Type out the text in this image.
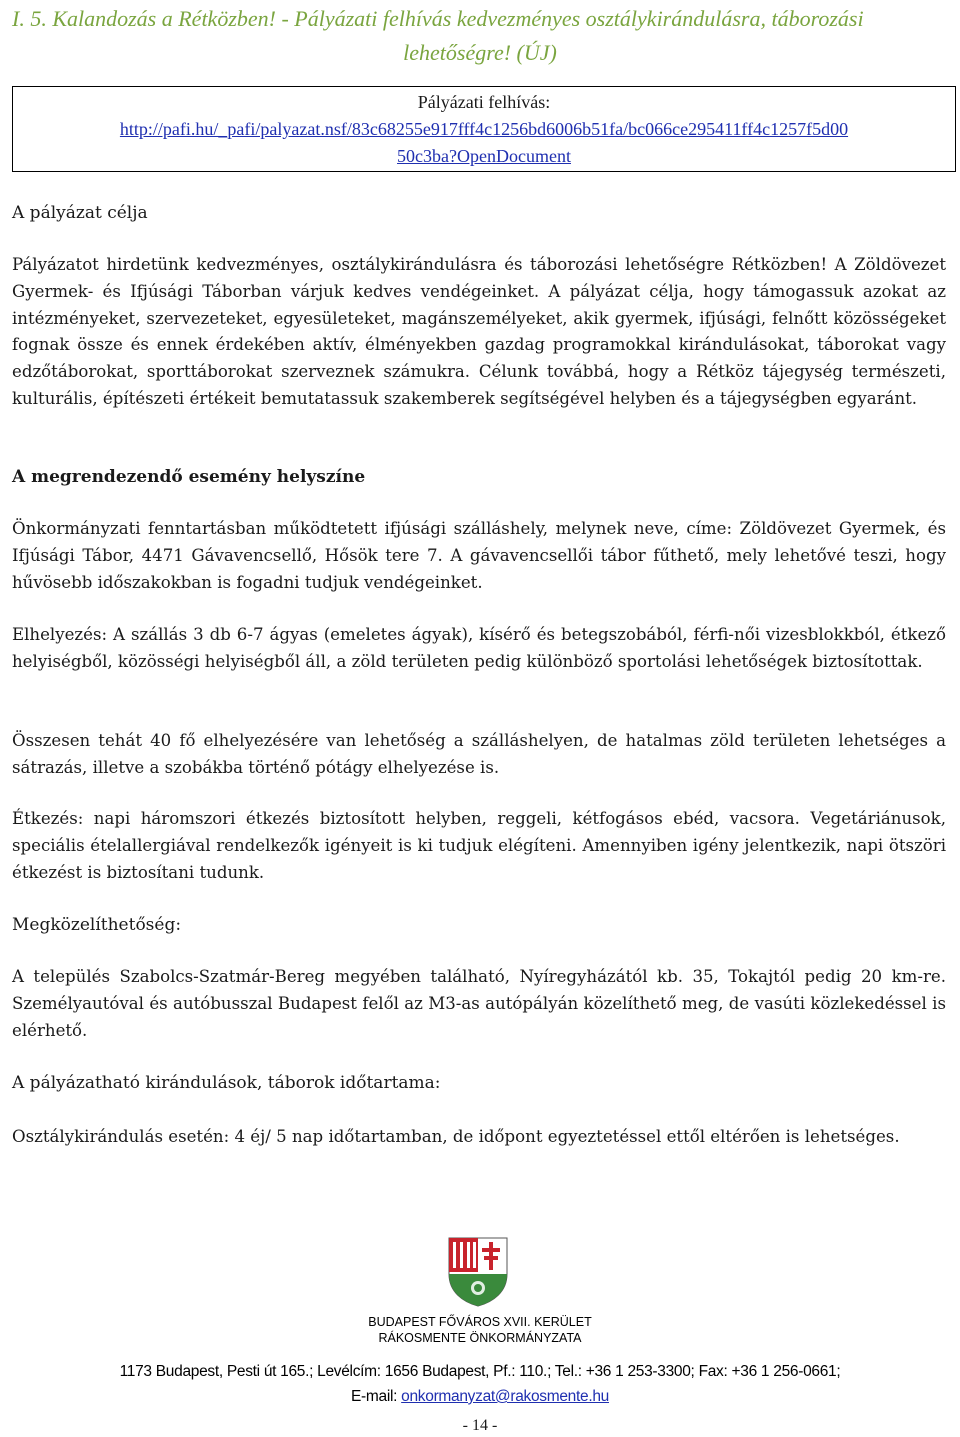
I. 5. Kalandozás a Rétközben! - Pályázati felhívás kedvezményes osztálykirándulásra, táborozási
lehetőségre! (ÚJ)
Pályázati felhívás:
http://pafi.hu/_pafi/palyazat.nsf/83c68255e917fff4c1256bd6006b51fa/bc066ce295411ff4c1257f5d00
50c3ba?OpenDocument
A pályázat célja

Pályázatot hirdetünk kedvezményes, osztálykirándulásra és táborozási lehetőségre Rétközben! A Zöldövezet Gyermek- és Ifjúsági Táborban várjuk kedves vendégeinket. A pályázat célja, hogy támogassuk azokat az intézményeket, szervezeteket, egyesületeket, magánszemélyeket, akik gyermek, ifjúsági, felnőtt közösségeket fognak össze és ennek érdekében aktív, élményekben gazdag programokkal kirándulásokat, táborokat vagy edzőtáborokat, sporttáborokat szerveznek számukra. Célunk továbbá, hogy a Rétköz tájegység természeti, kulturális, építészeti értékeit bemutatassuk szakemberek segítségével helyben és a tájegységben egyaránt.

A megrendezendő esemény helyszíne

Önkormányzati fenntartásban működtetett ifjúsági szálláshely, melynek neve, címe: Zöldövezet Gyermek, és Ifjúsági Tábor, 4471 Gávavencsellő, Hősök tere 7. A gávavencsellői tábor fűthető, mely lehetővé teszi, hogy hűvösebb időszakokban is fogadni tudjuk vendégeinket.

Elhelyezés: A szállás 3 db 6-7 ágyas (emeletes ágyak), kísérő és betegszobából, férfi-női vizesblokkból, étkező helyiségből, közösségi helyiségből áll, a zöld területen pedig különböző sportolási lehetőségek biztosítottak.

Összesen tehát 40 fő elhelyezésére van lehetőség a szálláshelyen, de hatalmas zöld területen lehetséges a sátrazás, illetve a szobákba történő pótágy elhelyezése is.

Étkezés: napi háromszori étkezés biztosított helyben, reggeli, kétfogásos ebéd, vacsora. Vegetáriánusok, speciális ételallergiával rendelkezők igényeit is ki tudjuk elégíteni. Amennyiben igény jelentkezik, napi ötszöri étkezést is biztosítani tudunk.

Megközelíthetőség:

A település Szabolcs-Szatmár-Bereg megyében található, Nyíregyházától kb. 35, Tokajtól pedig 20 km-re. Személyautóval és autóbusszal Budapest felől az M3-as autópályán közelíthető meg, de vasúti közlekedéssel is elérhető.

A pályázatható kirándulások, táborok időtartama:

Osztálykirándulás esetén: 4 éj/ 5 nap időtartamban, de időpont egyeztetéssel ettől eltérően is lehetséges.

BUDAPEST FŐVÁROS XVII. KERÜLET
RÁKOSMENTE ÖNKORMÁNYZATA
1173 Budapest, Pesti út 165.; Levélcím: 1656 Budapest, Pf.: 110.; Tel.: +36 1 253-3300; Fax: +36 1 256-0661;
E-mail: onkormanyzat@rakosmente.hu
- 14 -
